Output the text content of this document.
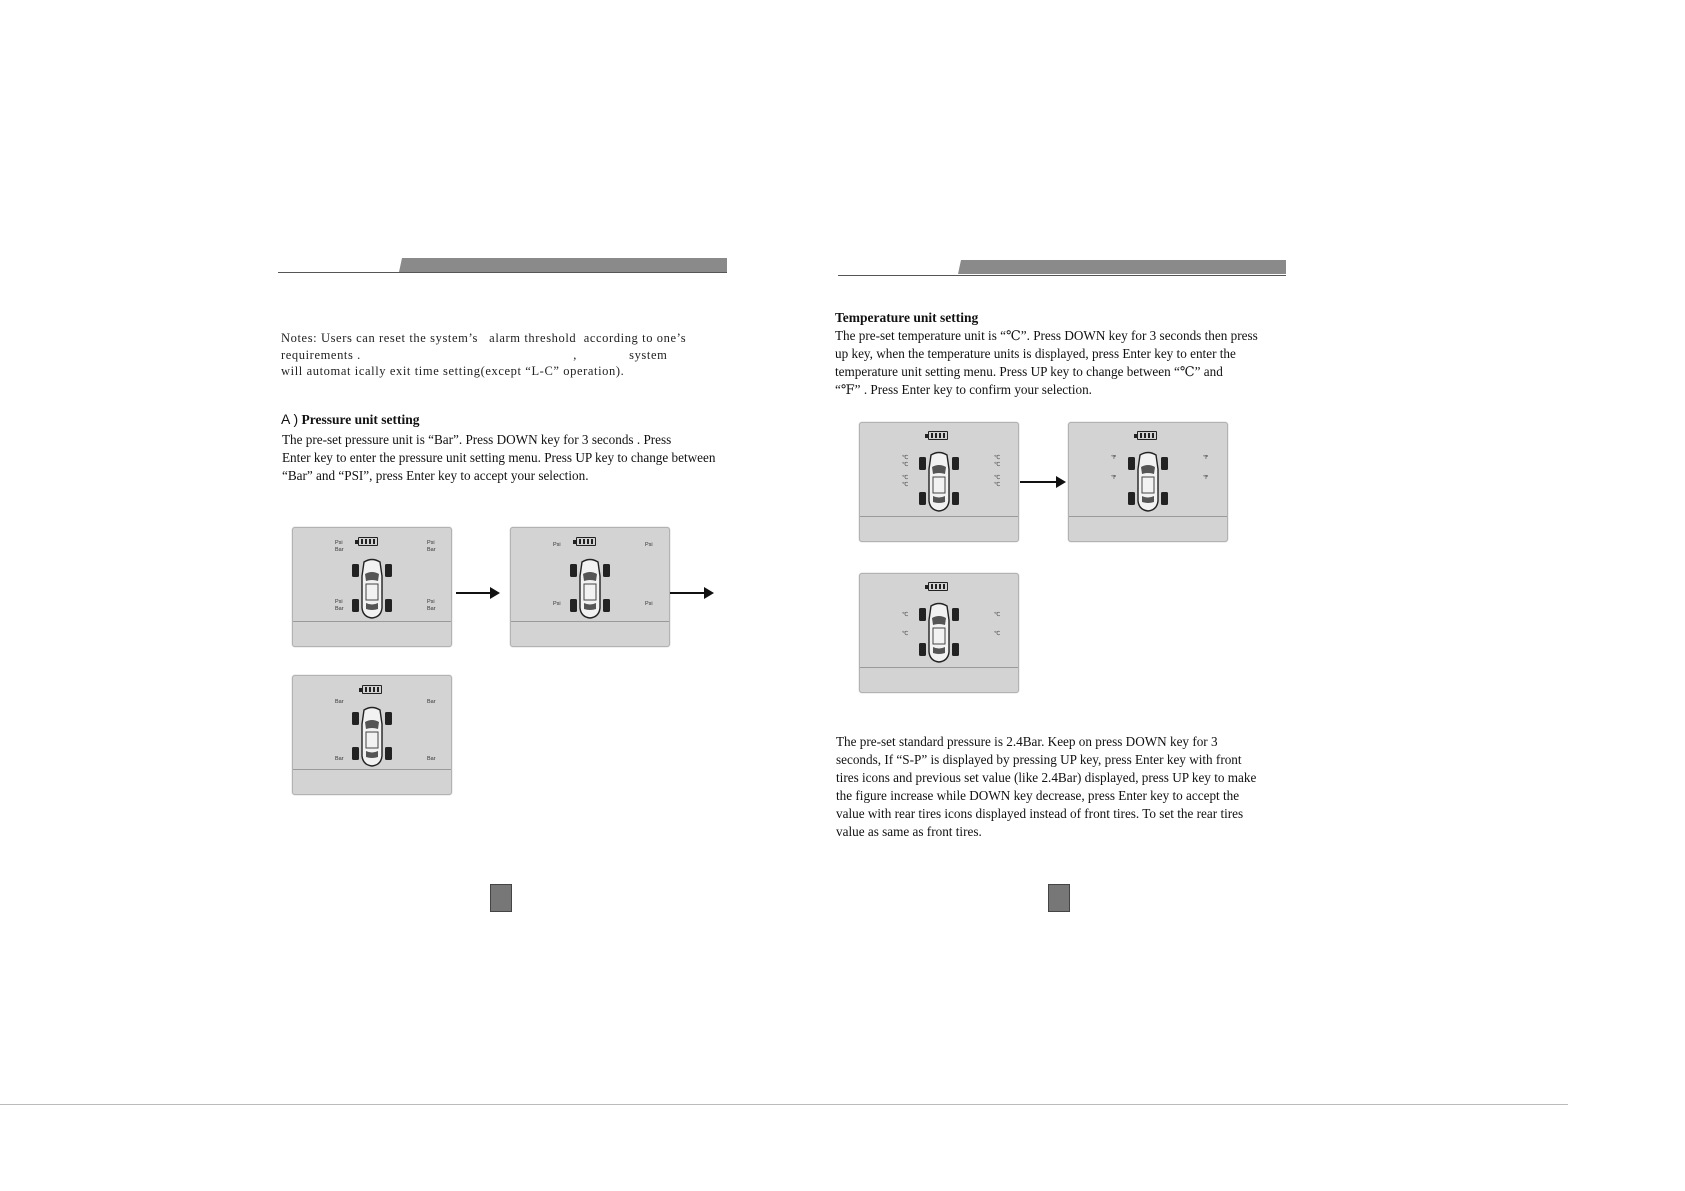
Notes: Users can reset the system’s   alarm threshold  according to one’s
requirements .                                                         ,              system
will automat ically exit time setting(except “L-C” operation).
A ) Pressure unit setting
The pre-set pressure unit is “Bar”. Press DOWN key for 3 seconds . Press
Enter key to enter the pressure unit setting menu. Press UP key to change between
“Bar” and “PSI”, press Enter key to accept your selection.
Psi
Bar
Psi
Bar
Psi
Bar
Psi
Bar
Psi	Psi
Psi	Psi
Bar	Bar
Bar	Bar
Temperature unit setting
The pre-set temperature unit is “℃”. Press DOWN key for 3 seconds then press
up key, when the temperature units is displayed, press Enter key to enter the
temperature unit setting menu. Press UP key to change between “℃” and
“℉” . Press Enter key to confirm your selection.
℃
℃
℃
℃
℃
℃
℃
℃
℉	℉
℉	℉
℃	℃
℃	℃
The pre-set standard pressure is 2.4Bar. Keep on press DOWN key for 3
seconds, If “S-P” is displayed by pressing UP key, press Enter key with front
tires icons and previous set value (like 2.4Bar) displayed, press UP key to make
the figure increase while DOWN key decrease, press Enter key to accept the
value with rear tires icons displayed instead of front tires. To set the rear tires
value as same as front tires.
